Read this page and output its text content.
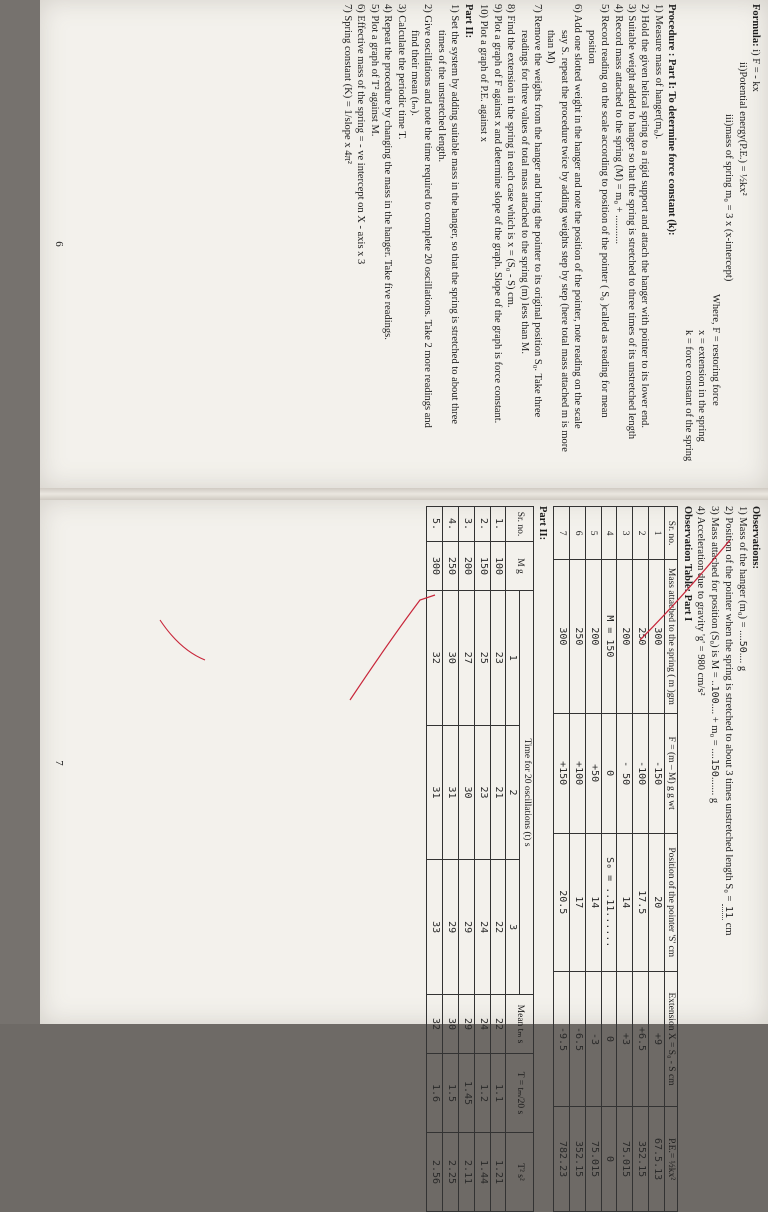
Formula: i) F = - kx
ii)Potential energy(P.E.) = ½kx²
iii)mass of spring m₀ = 3 x (x-intercept)
Where, F = restoring force
x = extension in the spring
k = force constant of the spring
Procedure : Part I: To determine force constant (k):
1) Measure mass of hanger(m₀).
2) Hold the given helical spring to a rigid support and attach the hanger with pointer to its lower end.
3) Suitable weight added to hanger so that the spring is stretched to three times of its unstretched length
4) Record mass attached to the spring (M) = m₀ + ...........
5) Record reading on the scale according to position of the pointer ( S₀ )called as reading for mean
position
6) Add one slotted weight in the hanger and note the position of the pointer, note reading on the scale
say S. repeat the procedure twice by adding weights step by step (here total mass attached m is more
than M)
7) Remove the weights from the hanger and bring the pointer to its original position S₀. Take three
readings for three values of total mass attached to the spring (m) less than M.
8) Find the extension in the spring in each case which is x = (S₀ - S) cm.
9) Plot a graph of F against x and determine slope of the graph. Slope of the graph is force constant.
10) Plot a graph of P.E. against x
Part II:
1) Set the system by adding suitable mass in the hanger, so that the spring is stretched to about three
times of the unstretched length.
2) Give oscillations and note the time required to complete 20 oscillations. Take 2 more readings and
find their mean (tₘ).
3) Calculate the periodic time T.
4) Repeat the procedure by changing the mass in the hanger. Take five readings.
5) Plot a graph of T² against M.
6) Effective mass of the spring = - ve intercept on X - axis x 3
7) Spring constant (K) = 1/slope x 4π²
6
Observations:
1) Mass of the hanger (m₀) = ....50.... g
2) Position of the pointer when the spring is stretched to about 3 times unstretched length S₀ = 11 cm
3) Mass attached for position (S₀) is M = ..100.... + m₀ = ....150....... g
4) Acceleration due to gravity 'g' = 980 cm/s²
Observation Table: Part I
Sr. no.	Mass attached to the spring ( m )gm	F = (m – M) g g wt	Position of the pointer 'S' cm	Extension X = S₀ - S cm	P.E.= ½kx²
1	300	-150	20	+9	67.5.13
2	250	-100	17.5	+6.5	352.15
3	200	- 50	14	+3	75.015
4	M = 150	0	S₀ = ..11......	0	0
5	200	+50	14	-3	75.015
6	250	+100	17	-6.5	352.15
7	300	+150	20.5	-9.5	782.23
Part II:
Sr. no.	M g	Time for 20 oscillations (t) s			Mean tₘ s	T = tₘ/20 s	T² s²
		1	2	3			
1.	100	23	21	22	22	1.1	1.21
2.	150	25	23	24	24	1.2	1.44
3.	200	27	30	29	29	1.45	2.11
4.	250	30	31	29	30	1.5	2.25
5.	300	32	31	33	32	1.6	2.56
7
